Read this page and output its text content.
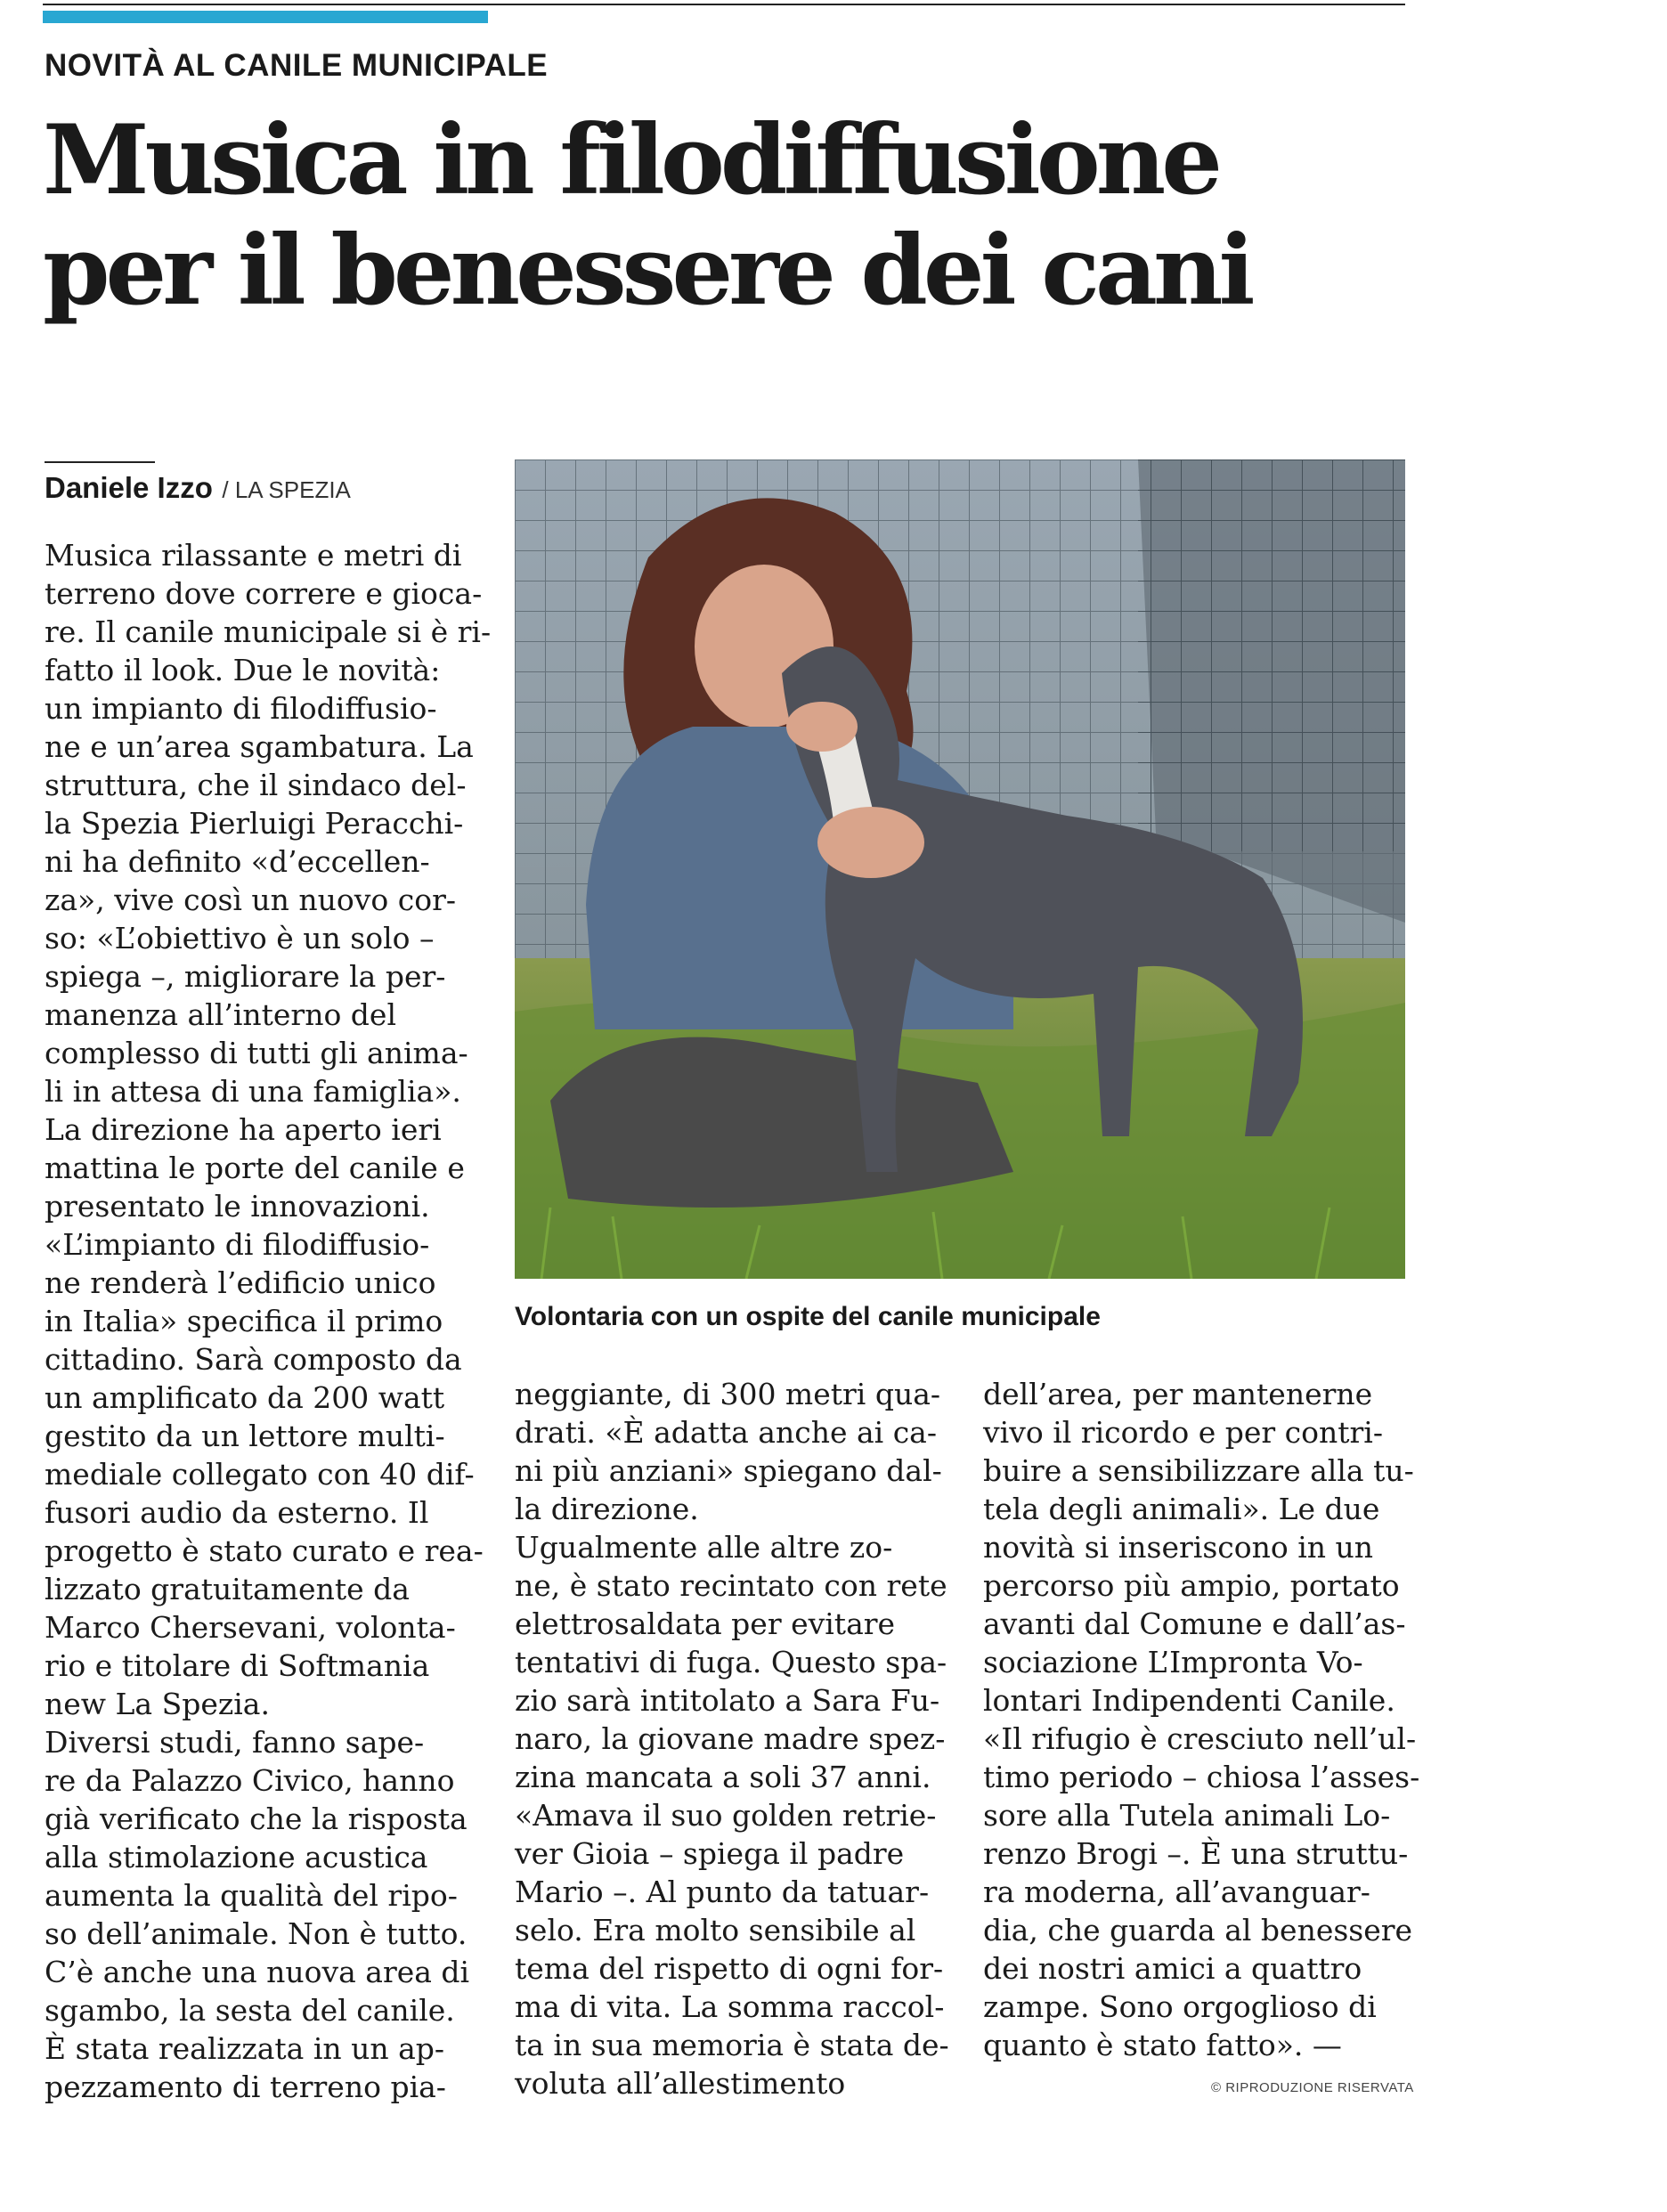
NOVITÀ AL CANILE MUNICIPALE
Musica in filodiffusione
per il benessere dei cani
Daniele Izzo / LA SPEZIA
Musica rilassante e metri di
terreno dove correre e gioca-
re. Il canile municipale si è ri-
fatto il look. Due le novità:
un impianto di filodiffusio-
ne e un’area sgambatura. La
struttura, che il sindaco del-
la Spezia Pierluigi Peracchi-
ni ha definito «d’eccellen-
za», vive così un nuovo cor-
so: «L’obiettivo è un solo –
spiega –, migliorare la per-
manenza all’interno del
complesso di tutti gli anima-
li in attesa di una famiglia».
La direzione ha aperto ieri
mattina le porte del canile e
presentato le innovazioni.
«L’impianto di filodiffusio-
ne renderà l’edificio unico
in Italia» specifica il primo
cittadino. Sarà composto da
un amplificato da 200 watt
gestito da un lettore multi-
mediale collegato con 40 dif-
fusori audio da esterno. Il
progetto è stato curato e rea-
lizzato gratuitamente da
Marco Chersevani, volonta-
rio e titolare di Softmania
new La Spezia.
Diversi studi, fanno sape-
re da Palazzo Civico, hanno
già verificato che la risposta
alla stimolazione acustica
aumenta la qualità del ripo-
so dell’animale. Non è tutto.
C’è anche una nuova area di
sgambo, la sesta del canile.
È stata realizzata in un ap-
pezzamento di terreno pia-
Volontaria con un ospite del canile municipale
neggiante, di 300 metri qua-
drati. «È adatta anche ai ca-
ni più anziani» spiegano dal-
la direzione.
Ugualmente alle altre zo-
ne, è stato recintato con rete
elettrosaldata per evitare
tentativi di fuga. Questo spa-
zio sarà intitolato a Sara Fu-
naro, la giovane madre spez-
zina mancata a soli 37 anni.
«Amava il suo golden retrie-
ver Gioia – spiega il padre
Mario –. Al punto da tatuar-
selo. Era molto sensibile al
tema del rispetto di ogni for-
ma di vita. La somma raccol-
ta in sua memoria è stata de-
voluta all’allestimento
dell’area, per mantenerne
vivo il ricordo e per contri-
buire a sensibilizzare alla tu-
tela degli animali». Le due
novità si inseriscono in un
percorso più ampio, portato
avanti dal Comune e dall’as-
sociazione L’Impronta Vo-
lontari Indipendenti Canile.
«Il rifugio è cresciuto nell’ul-
timo periodo – chiosa l’asses-
sore alla Tutela animali Lo-
renzo Brogi –. È una struttu-
ra moderna, all’avanguar-
dia, che guarda al benessere
dei nostri amici a quattro
zampe. Sono orgoglioso di
quanto è stato fatto». —
© RIPRODUZIONE RISERVATA
